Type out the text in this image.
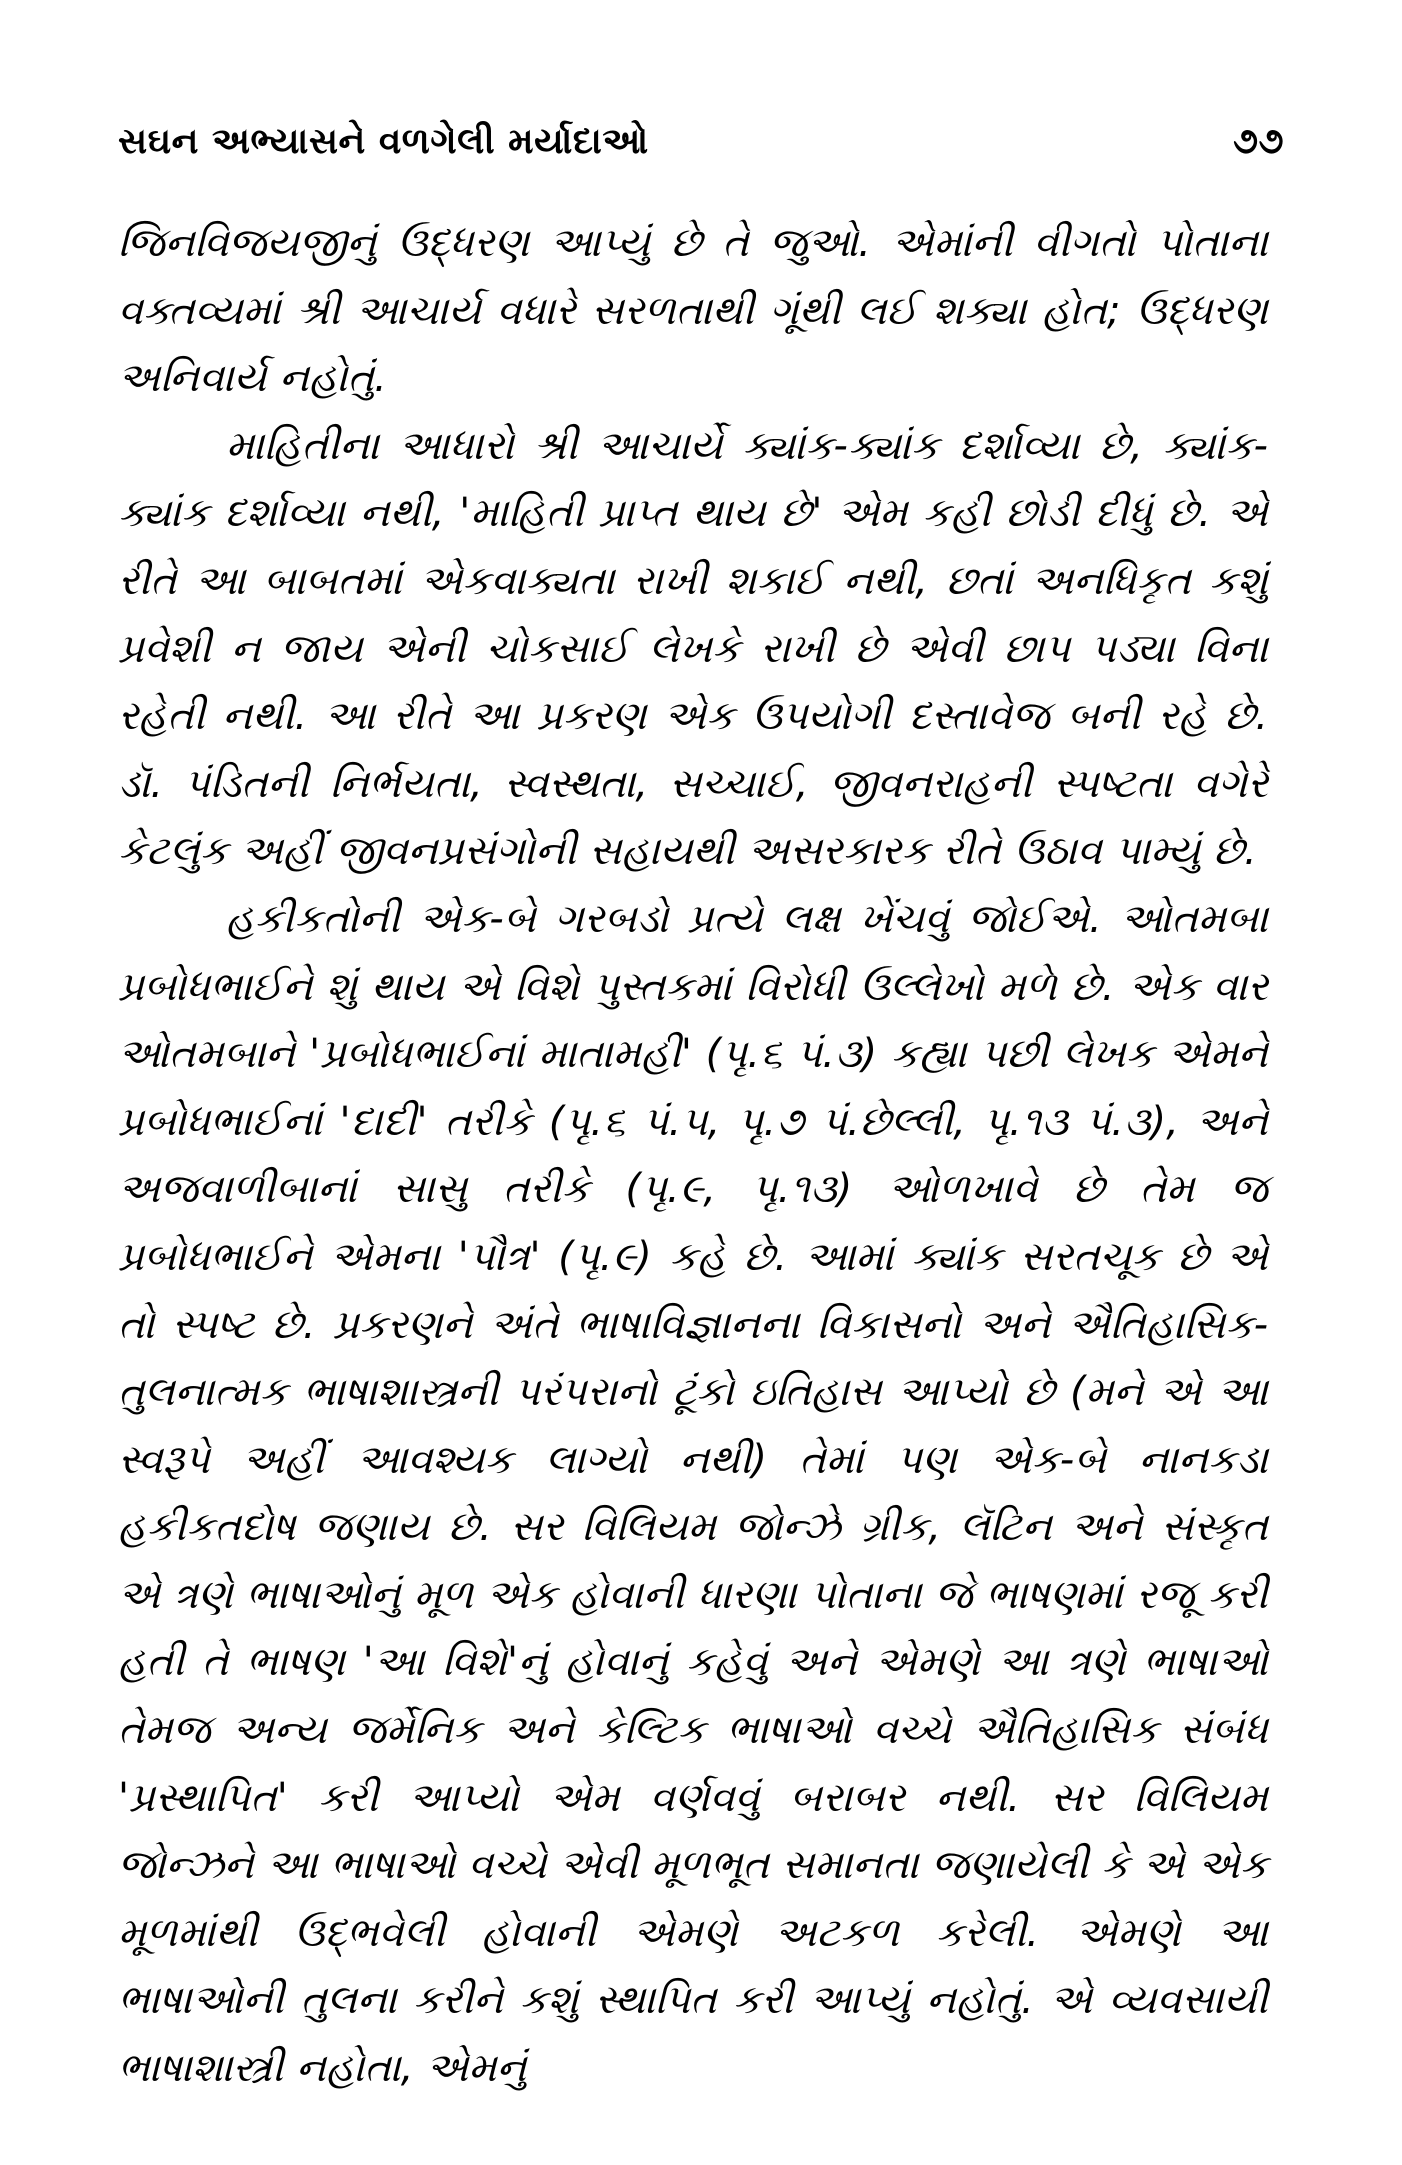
સઘન અભ્યાસને વળગેલી મર્યાદાઓ	૭૭

જિનવિજયજીનું ઉદ્ધરણ આપ્યું છે તે જુઓ. એમાંની વીગતો પોતાના વક્તવ્યમાં શ્રી આચાર્ય વધારે સરળતાથી ગૂંથી લઈ શક્યા હોત; ઉદ્ધરણ અનિવાર્ય નહોતું.

માહિતીના આધારો શ્રી આચાર્યે ક્યાંક-ક્યાંક દર્શાવ્યા છે, ક્યાંક-ક્યાંક દર્શાવ્યા નથી, 'માહિતી પ્રાપ્ત થાય છે' એમ કહી છોડી દીધું છે. એ રીતે આ બાબતમાં એકવાક્યતા રાખી શકાઈ નથી, છતાં અનધિકૃત કશું પ્રવેશી ન જાય એની ચોકસાઈ લેખકે રાખી છે એવી છાપ પડ્યા વિના રહેતી નથી. આ રીતે આ પ્રકરણ એક ઉપયોગી દસ્તાવેજ બની રહે છે. ડૉ. પંડિતની નિર્ભયતા, સ્વસ્થતા, સચ્ચાઈ, જીવનરાહની સ્પષ્ટતા વગેરે કેટલુંક અહીં જીવનપ્રસંગોની સહાયથી અસરકારક રીતે ઉઠાવ પામ્યું છે.

હકીકતોની એક-બે ગરબડો પ્રત્યે લક્ષ ખેંચવું જોઈએ. ઓતમબા પ્રબોધભાઈને શું થાય એ વિશે પુસ્તકમાં વિરોધી ઉલ્લેખો મળે છે. એક વાર ઓતમબાને 'પ્રબોધભાઈનાં માતામહી' (પૃ.૬ પં.૩) કહ્યા પછી લેખક એમને પ્રબોધભાઈનાં 'દાદી' તરીકે (પૃ.૬ પં.૫, પૃ.૭ પં.છેલ્લી, પૃ.૧૩ પં.૩), અને અજવાળીબાનાં સાસુ તરીકે (પૃ.૯, પૃ.૧૩) ઓળખાવે છે તેમ જ પ્રબોધભાઈને એમના 'પૌત્ર' (પૃ.૯) કહે છે. આમાં ક્યાંક સરતચૂક છે એ તો સ્પષ્ટ છે. પ્રકરણને અંતે ભાષાવિજ્ઞાનના વિકાસનો અને ઐતિહાસિક-તુલનાત્મક ભાષાશાસ્ત્રની પરંપરાનો ટૂંકો ઇતિહાસ આપ્યો છે (મને એ આ સ્વરૂપે અહીં આવશ્યક લાગ્યો નથી) તેમાં પણ એક-બે નાનકડા હકીકતદોષ જણાય છે. સર વિલિયમ જોન્ઝે ગ્રીક, લૅટિન અને સંસ્કૃત એ ત્રણે ભાષાઓનું મૂળ એક હોવાની ધારણા પોતાના જે ભાષણમાં રજૂ કરી હતી તે ભાષણ 'આ વિશે'નું હોવાનું કહેવું અને એમણે આ ત્રણે ભાષાઓ તેમજ અન્ય જર્મેનિક અને કેલ્ટિક ભાષાઓ વચ્ચે ઐતિહાસિક સંબંધ 'પ્રસ્થાપિત' કરી આપ્યો એમ વર્ણવવું બરાબર નથી. સર વિલિયમ જોન્ઝને આ ભાષાઓ વચ્ચે એવી મૂળભૂત સમાનતા જણાયેલી કે એ એક મૂળમાંથી ઉદ્ભવેલી હોવાની એમણે અટકળ કરેલી. એમણે આ ભાષાઓની તુલના કરીને કશું સ્થાપિત કરી આપ્યું નહોતું. એ વ્યવસાયી ભાષાશાસ્ત્રી નહોતા, એમનું
